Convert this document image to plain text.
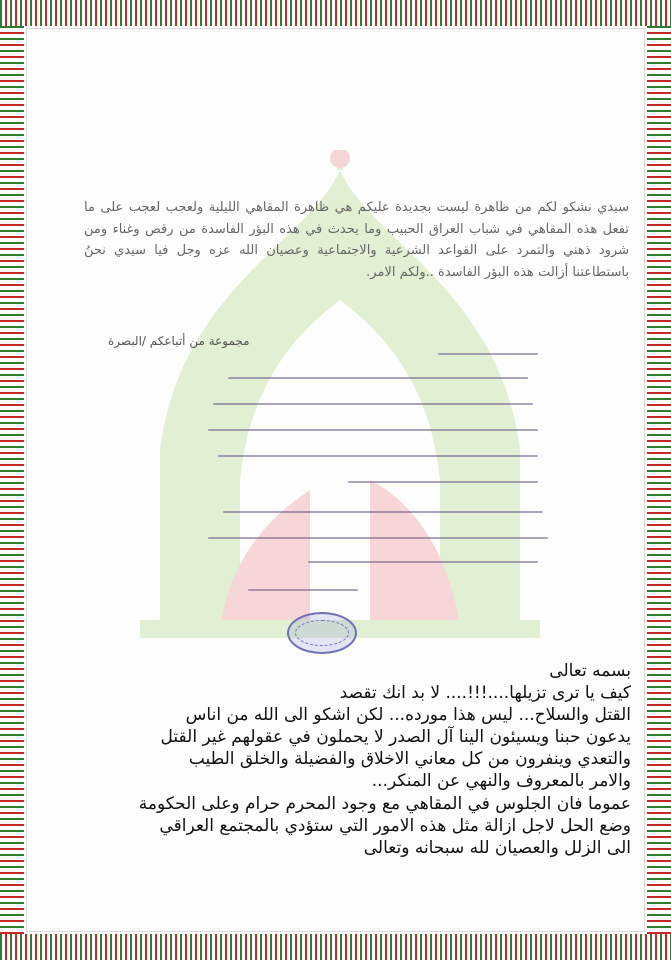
سيدي نشكو لكم من ظاهرة ليست بجديدة عليكم هي ظاهرة المقاهي الليلية ولعجب لعجب على ما تفعل هذه المقاهي في شباب العراق الحبيب وما يحدث في هذه البؤر الفاسدة من رقص وغناء ومن شرود ذهني والتمرد على القواعد الشرعية والاجتماعية وعصيان الله عزه وجل فيا سيدي نحنُ باستطاعتنا أزالت هذه البؤر الفاسدة ..ولكم الامر.
مجموعة من أتباعكم /البصرة
بسمه تعالى
كيف يا ترى تزيلها....!!!.... لا بد انك تقصد
القتل والسلاح... ليس هذا مورده... لكن اشكو الى الله من اناس
يدعون حبنا ويسيئون الينا آل الصدر لا يحملون في عقولهم غير القتل
والتعدي وينفرون من كل معاني الاخلاق والفضيلة والخلق الطيب
والامر بالمعروف والنهي عن المنكر...
عموما فان الجلوس في المقاهي مع وجود المحرم حرام وعلى الحكومة
وضع الحل لاجل ازالة مثل هذه الامور التي ستؤدي بالمجتمع العراقي
الى الزلل والعصيان لله سبحانه وتعالى
